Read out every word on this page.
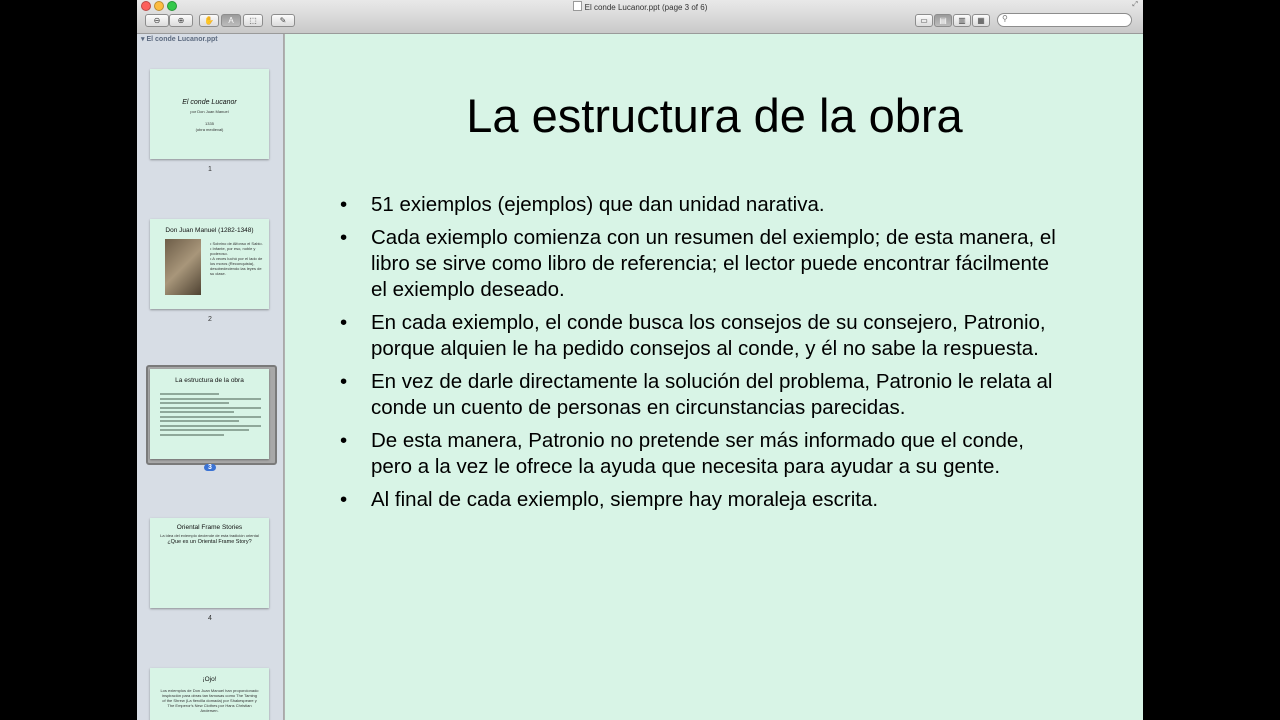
El conde Lucanor.ppt (page 3 of 6)	⤢
⊖	⊕	✋	A	⬚	✎	▭	▤	▥	▦	⚲
▾ El conde Lucanor.ppt
El conde Lucanor
por Don Juan Manuel
1335
(obra medieval)
1
Don Juan Manuel (1282-1348)
• Sobrino de Alfonso el Sabio.
• Infante, por eso, noble y poderoso.
• A veces luchó por el lado de los moros (Reconquista), desobedeciendo las leyes de su clase.
2
La estructura de la obra
3
Oriental Frame Stories
La idea del exiemplo deciende de esta tradición oriental
¿Que es un Oriental Frame Story?
4
¡Ojo!
Los exiemplos de Don Juan Manuel han proporcionado inspiración para obras tan famosas como The Taming of the Shrew (La fiercilla domada) por Shakespeare y The Emperor's New Clothes por Hans Christian Andersen.
La estructura de la obra
• 51 exiemplos (ejemplos) que dan unidad narativa.
• Cada exiemplo comienza con un resumen del exiemplo; de esta manera, el libro se sirve como libro de referencia; el lector puede encontrar fácilmente el exiemplo deseado.
• En cada exiemplo, el conde busca los consejos de su consejero, Patronio, porque alquien le ha pedido consejos al conde, y él no sabe la respuesta.
• En vez de darle directamente la solución del problema, Patronio le relata al conde un cuento de personas en circunstancias parecidas.
• De esta manera, Patronio no pretende ser más informado que el conde, pero a la vez le ofrece la ayuda que necesita para ayudar a su gente.
• Al final de cada exiemplo, siempre hay moraleja escrita.
